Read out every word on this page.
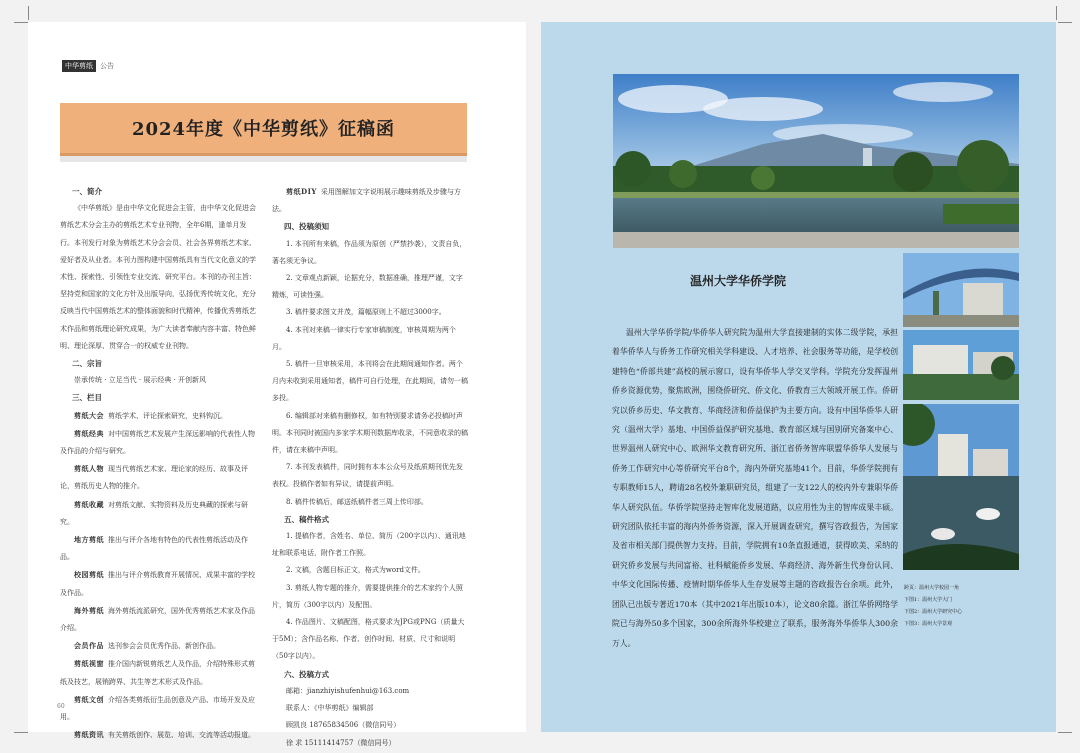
中华剪纸	公告
2024年度《中华剪纸》征稿函
一、简介

《中华剪纸》是由中华文化促进会主管，由中华文化促进会剪纸艺术分会主办的剪纸艺术专业刊物，全年6期，逢单月发行。本刊发行对象为剪纸艺术分会会员、社会各界剪纸艺术家、爱好者及从业者。本刊力图构建中国剪纸具有当代文化意义的学术性、探索性、引领性专业交流、研究平台。本刊的办刊主旨：坚持党和国家的文化方针及出版导向，弘扬优秀传统文化，充分反映当代中国剪纸艺术的整体面貌和时代精神，传播优秀剪纸艺术作品和剪纸理论研究成果，为广大读者奉献内容丰富、特色鲜明、理论深厚、贯穿合一的权威专业刊物。

二、宗旨

崇承传统 · 立足当代 · 展示经典 · 开创新风

三、栏目

剪纸大会 剪纸学术、评论探索研究，史料钩沉。

剪纸经典 对中国剪纸艺术发展产生深远影响的代表性人物及作品的介绍与研究。

剪纸人物 现当代剪纸艺术家、理论家的经历、故事及评论，剪纸历史人物的推介。

剪纸收藏 对剪纸文献、实物资料及历史典藏的探索与研究。

地方剪纸 推出与评介各地有特色的代表性剪纸活动及作品。

校园剪纸 推出与评介剪纸教育开展情况、成果丰富的学校及作品。

海外剪纸 海外剪纸流派研究，国外优秀剪纸艺术家及作品介绍。

会员作品 选刊参会会员优秀作品、新创作品。

剪纸视窗 推介国内新锐剪纸艺人及作品，介绍特殊形式剪纸及技艺，展销跨界、共生等艺术形式及作品。

剪纸文创 介绍各类剪纸衍生品创意及产品、市场开发及应用。

剪纸资讯 有关剪纸创作、展览、培训、交流等活动报道。

剪纸DIY 采用图解加文字说明展示趣味剪纸及步骤与方法。

四、投稿须知

1. 本刊所有来稿，作品须为原创（严禁抄袭），文责自负，著名须无争议。

2. 文章观点新颖，论据充分，数据准确，推理严谨，文字精炼，可读性强。

3. 稿件要求图文并茂，篇幅原则上不超过3000字。

4. 本刊对来稿一律实行专家审稿制度，审核周期为两个月。

5. 稿件一旦审核采用，本刊将会在此期间通知作者。两个月内未收到采用通知者，稿件可自行处理，在此期间，请勿一稿多投。

6. 编辑部对来稿有删修权，如有特别要求请务必投稿时声明。本刊同时被国内多家学术期刊数据库收录，不同意收录的稿件，请在来稿中声明。

7. 本刊发表稿件，同时拥有本本公众号及纸质期刊优先发表权。投稿作者如有异议，请提前声明。

8. 稿件传稿后，邮送纸稿件者三周上传印部。

五、稿件格式

1. 提稿作者，含姓名、单位、简历（200字以内）、通讯地址和联系电话，附作者工作照。

2. 文稿，含题目标正文，格式为word文件。

3. 剪纸人物专题的推介，需要提供推介的艺术家约个人照片，简历（300字以内）及配图。

4. 作品图片、文稿配图，格式要求为JPG或PNG（质量大于5M）；含作品名称、作者、创作时间、材质、尺寸和说明（50字以内）。

六、投稿方式

邮箱：jianzhiyishufenhui@163.com

联系人：《中华剪纸》编辑部

顾凯良 18765834506（微信同号）

徐 求 15111414757（微信同号）

60
温州大学华侨学院
温州大学华侨学院/华侨华人研究院为温州大学直接建制的实体二级学院，承担着华侨华人与侨务工作研究相关学科建设、人才培养、社会服务等功能，是学校创建特色“侨部共建”高校的展示窗口，设有华侨华人学交叉学科。学院充分发挥温州侨乡资源优势，聚焦欧洲，围绕侨研究、侨文化、侨教育三大领域开展工作。侨研究以侨乡历史、华文教育、华商经济和侨益保护为主要方向。设有中国华侨华人研究（温州大学）基地、中国侨益保护研究基地、教育部区域与国别研究备案中心、世界温州人研究中心、欧洲华文教育研究所、浙江省侨务智库联盟华侨华人发展与侨务工作研究中心等侨研究平台8个，海内外研究基地41个。目前，华侨学院拥有专职教师15人，聘请28名校外兼职研究员，组建了一支122人的校内外专兼职华侨华人研究队伍。华侨学院坚持走智库化发展道路，以应用性为主的智库成果丰硕。研究团队依托丰富的海内外侨务资源，深入开展调查研究，撰写咨政报告，为国家及省市相关部门提供智力支持。目前，学院拥有10条直报通道，获得欧美、采纳的研究侨乡发展与共同富裕、社科赋能侨乡发展、华商经济、海外新生代身份认同、中华文化国际传播、疫情时期华侨华人生存发展等主题的咨政报告台余项。此外，团队已出版专著近170本（其中2021年出版10本），论文80余篇。浙江华侨网络学院已与海外50多个国家，300余所海外华校建立了联系，服务海外华侨华人300余万人。
跨页：温州大学校园一角
下图1：温州大学大门
下图2：温州大学研究中心
下图3：温州大学景观
